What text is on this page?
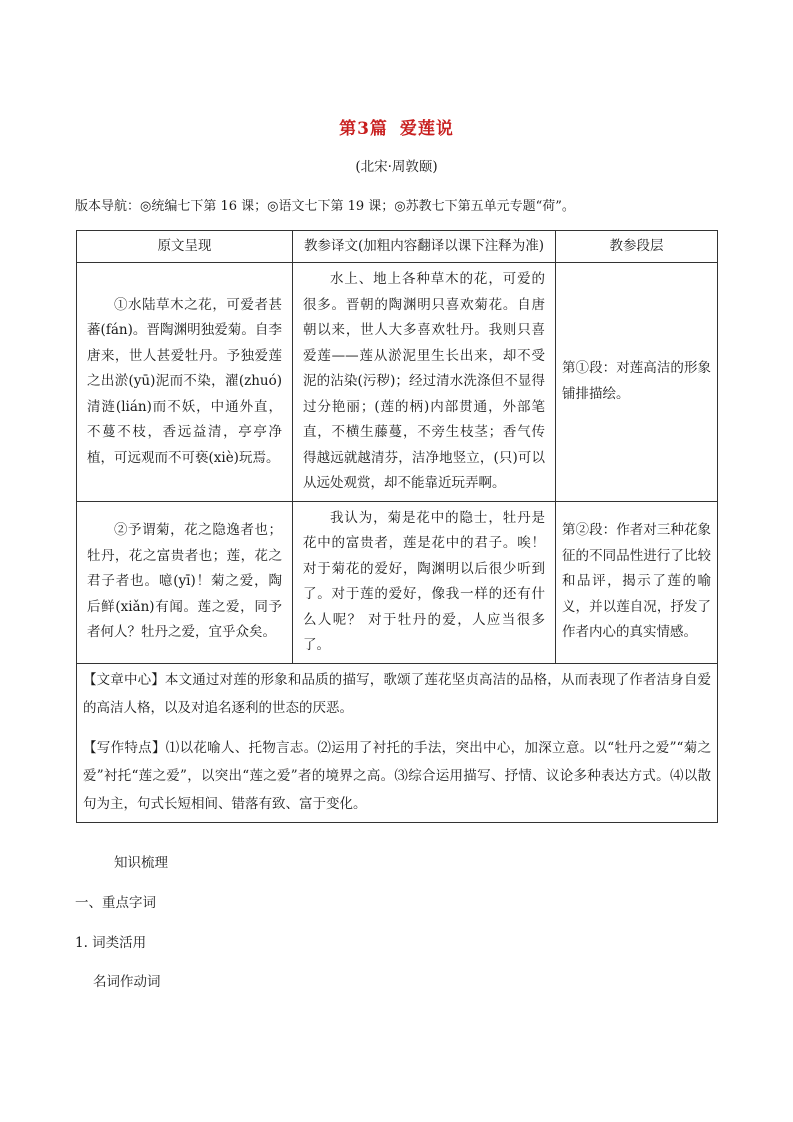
第3篇 爱莲说
(北宋·周敦颐)
版本导航：◎统编七下第 16 课；◎语文七下第 19 课；◎苏教七下第五单元专题“荷”。
原文呈现	教参译文(加粗内容翻译以课下注释为准)	教参段层
①水陆草木之花，可爱者甚蕃(fán)。晋陶渊明独爱菊。自李唐来，世人甚爱牡丹。予独爱莲之出淤(yū)泥而不染，濯(zhuó)清涟(lián)而不妖，中通外直，不蔓不枝，香远益清，亭亭净植，可远观而不可亵(xiè)玩焉。	水上、地上各种草木的花，可爱的很多。晋朝的陶渊明只喜欢菊花。自唐朝以来，世人大多喜欢牡丹。我则只喜爱莲——莲从淤泥里生长出来，却不受泥的沾染(污秽)；经过清水洗涤但不显得过分艳丽；(莲的柄)内部贯通，外部笔直，不横生藤蔓，不旁生枝茎；香气传得越远就越清芬，洁净地竖立，(只)可以从远处观赏，却不能靠近玩弄啊。	第①段：对莲高洁的形象铺排描绘。
②予谓菊，花之隐逸者也；牡丹，花之富贵者也；莲，花之君子者也。噫(yī)！菊之爱，陶后鲜(xiǎn)有闻。莲之爱，同予者何人？牡丹之爱，宜乎众矣。	我认为，菊是花中的隐士，牡丹是花中的富贵者，莲是花中的君子。唉！ 对于菊花的爱好，陶渊明以后很少听到了。对于莲的爱好，像我一样的还有什么人呢？ 对于牡丹的爱，人应当很多了。	第②段：作者对三种花象征的不同品性进行了比较和品评，揭示了莲的喻义，并以莲自况，抒发了作者内心的真实情感。

【文章中心】本文通过对莲的形象和品质的描写，歌颂了莲花坚贞高洁的品格，从而表现了作者洁身自爱的高洁人格，以及对追名逐利的世态的厌恶。

【写作特点】⑴以花喻人、托物言志。⑵运用了衬托的手法，突出中心，加深立意。以“牡丹之爱”“菊之爱”衬托“莲之爱”，以突出“莲之爱”者的境界之高。⑶综合运用描写、抒情、议论多种表达方式。⑷以散句为主，句式长短相间、错落有致、富于变化。		

知识梳理
一、重点字词
1. 词类活用
名词作动词
